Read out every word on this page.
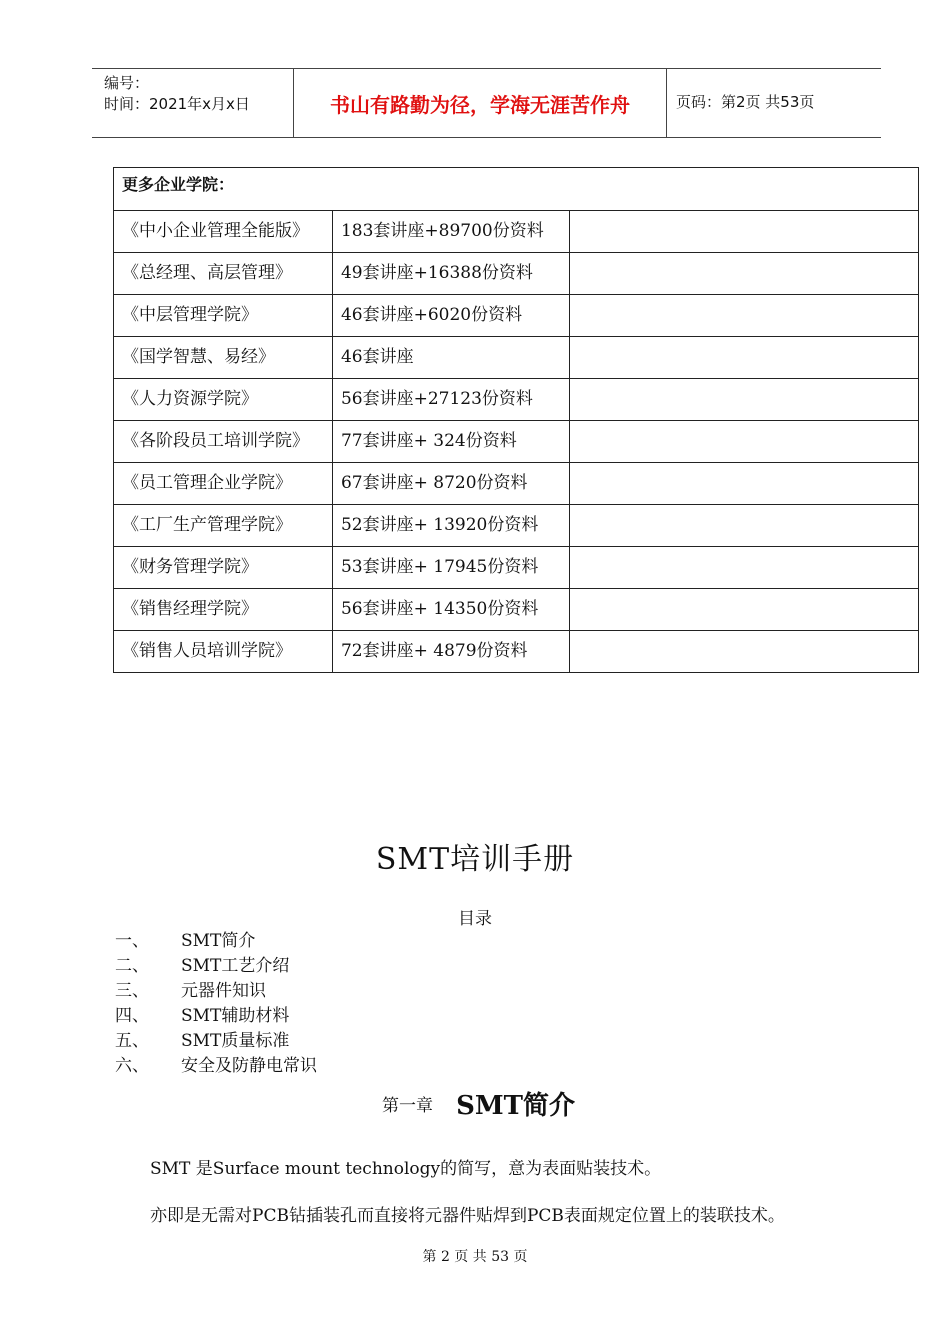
编号：
时间：2021年x月x日	书山有路勤为径，学海无涯苦作舟	页码：第2页 共53页
更多企业学院：		
《中小企业管理全能版》	183套讲座+89700份资料	
《总经理、高层管理》	49套讲座+16388份资料	
《中层管理学院》	46套讲座+6020份资料	
《国学智慧、易经》	46套讲座	
《人力资源学院》	56套讲座+27123份资料	
《各阶段员工培训学院》	77套讲座+ 324份资料	
《员工管理企业学院》	67套讲座+ 8720份资料	
《工厂生产管理学院》	52套讲座+ 13920份资料	
《财务管理学院》	53套讲座+ 17945份资料	
《销售经理学院》	56套讲座+ 14350份资料	
《销售人员培训学院》	72套讲座+ 4879份资料	
SMT培训手册
目录
一、 SMT简介
二、 SMT工艺介绍
三、 元器件知识
四、 SMT辅助材料
五、 SMT质量标准
六、 安全及防静电常识
第一章 SMT简介
SMT 是Surface mount technology的简写，意为表面贴装技术。
亦即是无需对PCB钻插装孔而直接将元器件贴焊到PCB表面规定位置上的装联技术。
第 2 页 共 53 页
